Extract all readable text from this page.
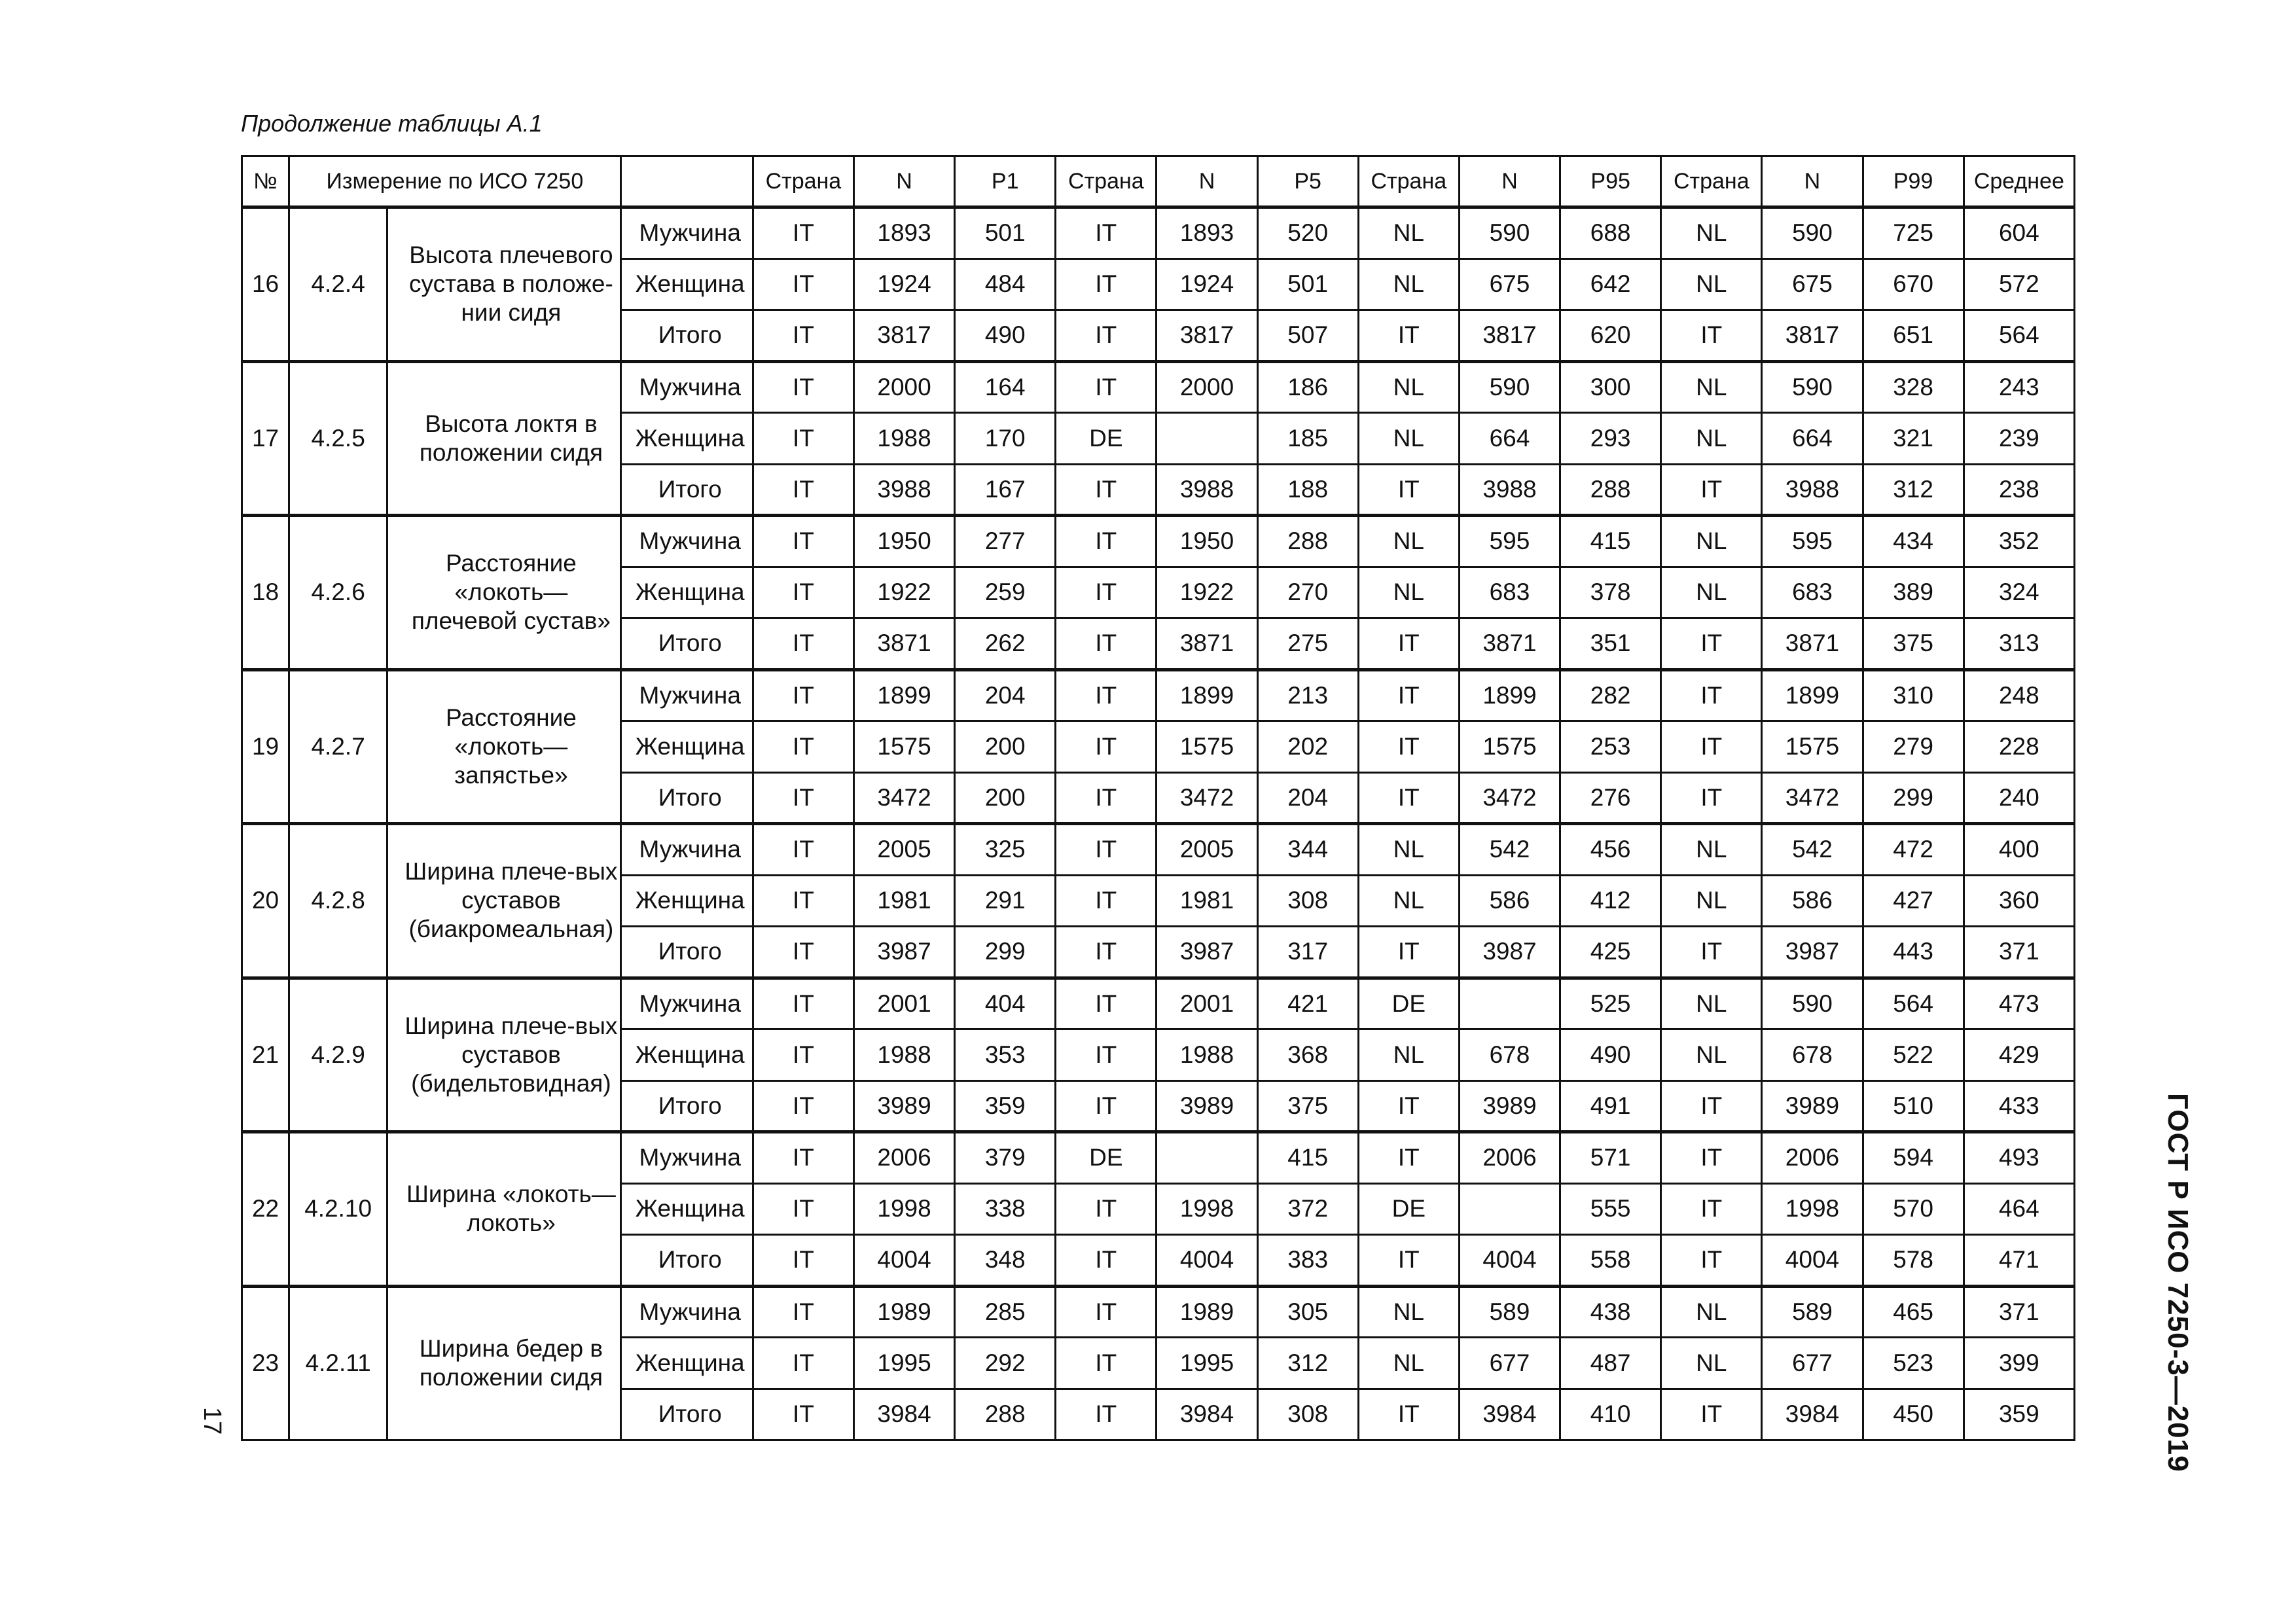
Продолжение таблицы А.1
№	Измерение по ИСО 7250			Страна	N	P1	Страна	N	P5	Страна	N	P95	Страна	N	P99	Среднее
16	4.2.4	Высота плечевого сустава в положе-нии сидя	Мужчина	IT	1893	501	IT	1893	520	NL	590	688	NL	590	725	604
			Женщина	IT	1924	484	IT	1924	501	NL	675	642	NL	675	670	572
			Итого	IT	3817	490	IT	3817	507	IT	3817	620	IT	3817	651	564
17	4.2.5	Высота локтя в положении сидя	Мужчина	IT	2000	164	IT	2000	186	NL	590	300	NL	590	328	243
			Женщина	IT	1988	170	DE		185	NL	664	293	NL	664	321	239
			Итого	IT	3988	167	IT	3988	188	IT	3988	288	IT	3988	312	238
18	4.2.6	Расстояние «локоть—плечевой сустав»	Мужчина	IT	1950	277	IT	1950	288	NL	595	415	NL	595	434	352
			Женщина	IT	1922	259	IT	1922	270	NL	683	378	NL	683	389	324
			Итого	IT	3871	262	IT	3871	275	IT	3871	351	IT	3871	375	313
19	4.2.7	Расстояние «локоть—запястье»	Мужчина	IT	1899	204	IT	1899	213	IT	1899	282	IT	1899	310	248
			Женщина	IT	1575	200	IT	1575	202	IT	1575	253	IT	1575	279	228
			Итого	IT	3472	200	IT	3472	204	IT	3472	276	IT	3472	299	240
20	4.2.8	Ширина плече-вых суставов (биакромеальная)	Мужчина	IT	2005	325	IT	2005	344	NL	542	456	NL	542	472	400
			Женщина	IT	1981	291	IT	1981	308	NL	586	412	NL	586	427	360
			Итого	IT	3987	299	IT	3987	317	IT	3987	425	IT	3987	443	371
21	4.2.9	Ширина плече-вых суставов (бидельтовидная)	Мужчина	IT	2001	404	IT	2001	421	DE		525	NL	590	564	473
			Женщина	IT	1988	353	IT	1988	368	NL	678	490	NL	678	522	429
			Итого	IT	3989	359	IT	3989	375	IT	3989	491	IT	3989	510	433
22	4.2.10	Ширина «локоть—локоть»	Мужчина	IT	2006	379	DE		415	IT	2006	571	IT	2006	594	493
			Женщина	IT	1998	338	IT	1998	372	DE		555	IT	1998	570	464
			Итого	IT	4004	348	IT	4004	383	IT	4004	558	IT	4004	578	471
23	4.2.11	Ширина бедер в положении сидя	Мужчина	IT	1989	285	IT	1989	305	NL	589	438	NL	589	465	371
			Женщина	IT	1995	292	IT	1995	312	NL	677	487	NL	677	523	399
			Итого	IT	3984	288	IT	3984	308	IT	3984	410	IT	3984	450	359	ГОСТ Р ИСО 7250-3—2019
17
